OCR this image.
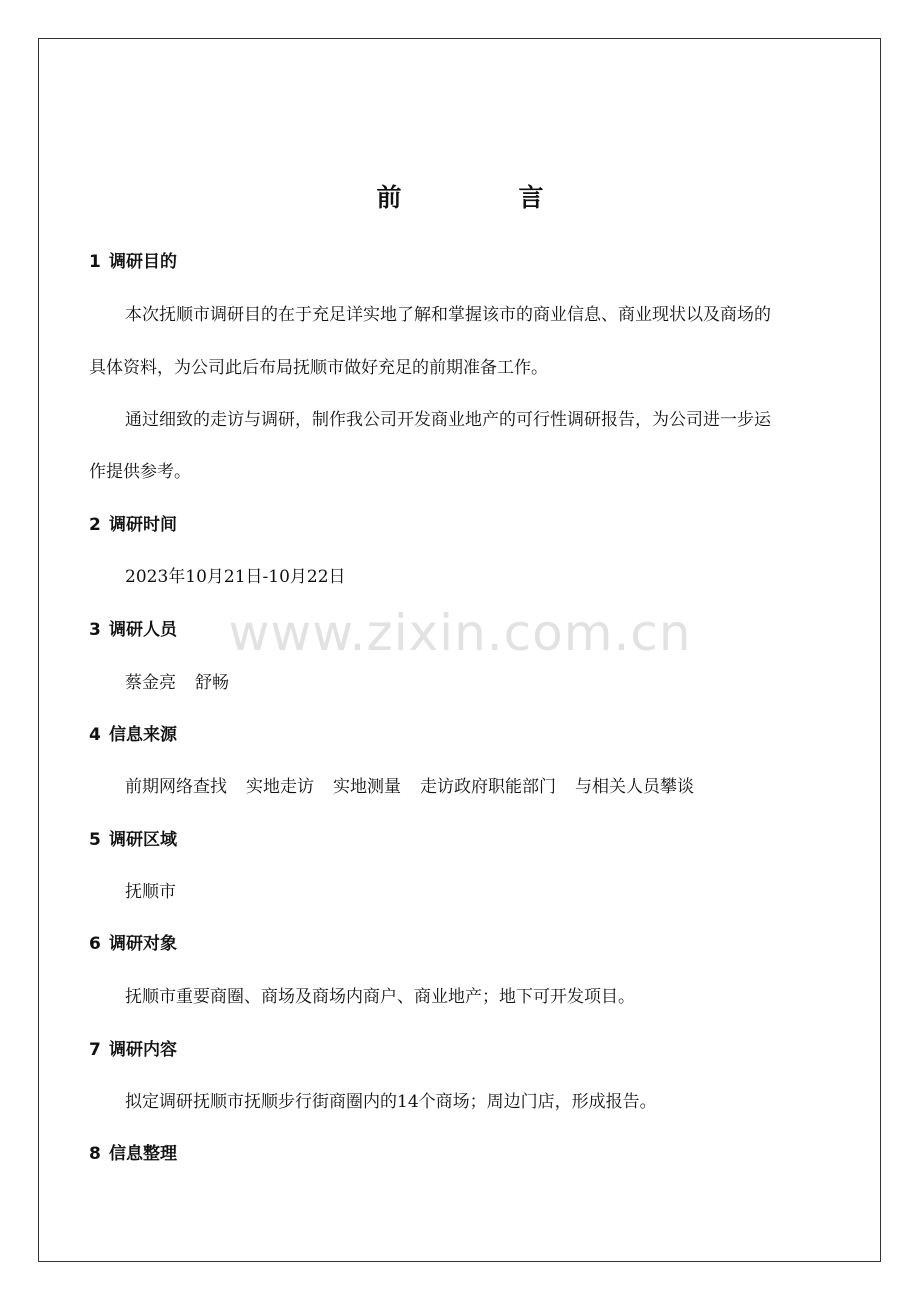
www.zixin.com.cn
前　言
1 调研目的
本次抚顺市调研目的在于充足详实地了解和掌握该市的商业信息、商业现状以及商场的
具体资料，为公司此后布局抚顺市做好充足的前期准备工作。
通过细致的走访与调研，制作我公司开发商业地产的可行性调研报告，为公司进一步运
作提供参考。
2 调研时间
2023年10月21日-10月22日
3 调研人员
蔡金亮 舒畅
4 信息来源
前期网络查找 实地走访 实地测量 走访政府职能部门 与相关人员攀谈
5 调研区域
抚顺市
6 调研对象
抚顺市重要商圈、商场及商场内商户、商业地产；地下可开发项目。
7 调研内容
拟定调研抚顺市抚顺步行街商圈内的14个商场；周边门店，形成报告。
8 信息整理
